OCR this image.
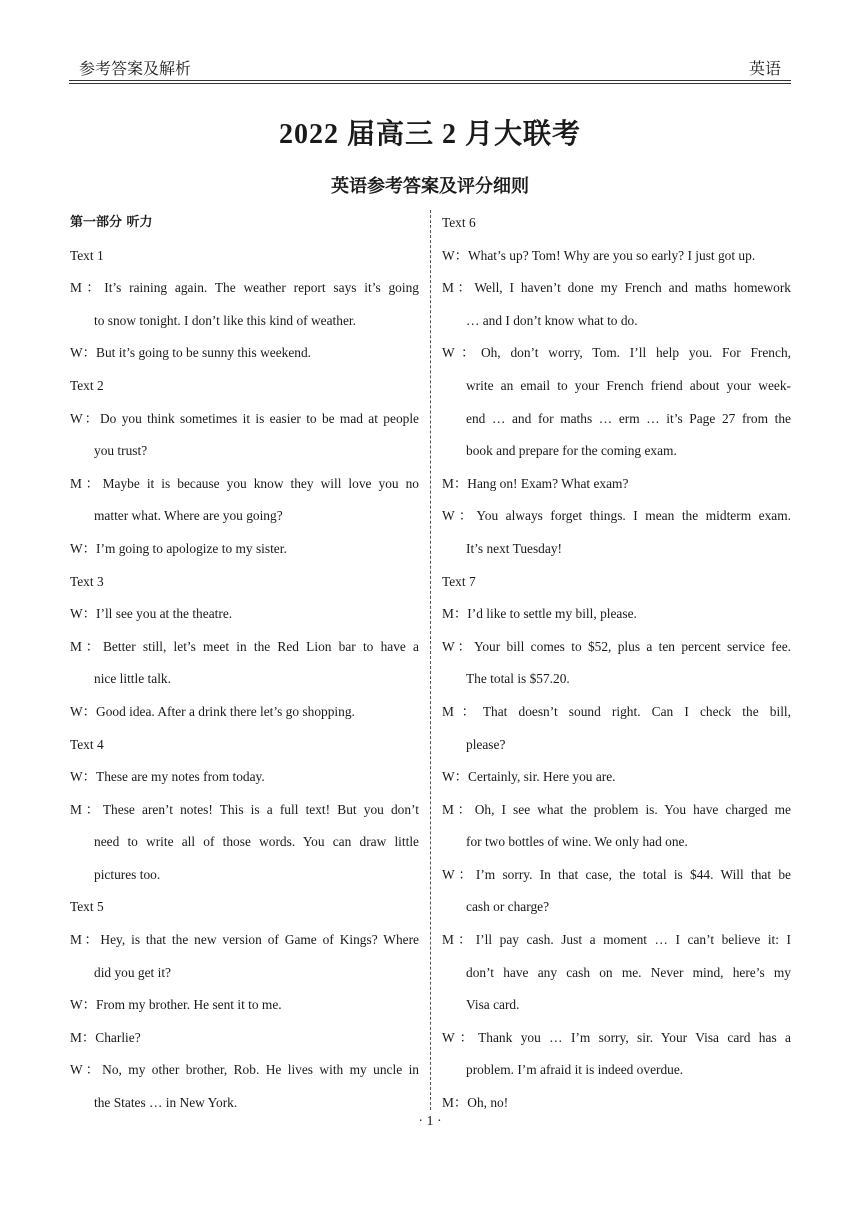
参考答案及解析	英语
2022 届高三 2 月大联考
英语参考答案及评分细则
第一部分 听力
Text 1
M：It’s raining again. The weather report says it’s going
to snow tonight. I don’t like this kind of weather.
W：But it’s going to be sunny this weekend.
Text 2
W：Do you think sometimes it is easier to be mad at people
you trust?
M：Maybe it is because you know they will love you no
matter what. Where are you going?
W：I’m going to apologize to my sister.
Text 3
W：I’ll see you at the theatre.
M：Better still, let’s meet in the Red Lion bar to have a
nice little talk.
W：Good idea. After a drink there let’s go shopping.
Text 4
W：These are my notes from today.
M：These aren’t notes! This is a full text! But you don’t
need to write all of those words. You can draw little
pictures too.
Text 5
M：Hey, is that the new version of Game of Kings? Where
did you get it?
W：From my brother. He sent it to me.
M：Charlie?
W：No, my other brother, Rob. He lives with my uncle in
the States … in New York.
Text 6
W：What’s up? Tom! Why are you so early? I just got up.
M：Well, I haven’t done my French and maths homework
… and I don’t know what to do.
W：Oh, don’t worry, Tom. I’ll help you. For French,
write an email to your French friend about your week-
end … and for maths … erm … it’s Page 27 from the
book and prepare for the coming exam.
M：Hang on! Exam? What exam?
W：You always forget things. I mean the midterm exam.
It’s next Tuesday!
Text 7
M：I’d like to settle my bill, please.
W：Your bill comes to $52, plus a ten percent service fee.
The total is $57.20.
M：That doesn’t sound right. Can I check the bill,
please?
W：Certainly, sir. Here you are.
M：Oh, I see what the problem is. You have charged me
for two bottles of wine. We only had one.
W：I’m sorry. In that case, the total is $44. Will that be
cash or charge?
M：I’ll pay cash. Just a moment … I can’t believe it: I
don’t have any cash on me. Never mind, here’s my
Visa card.
W：Thank you … I’m sorry, sir. Your Visa card has a
problem. I’m afraid it is indeed overdue.
M：Oh, no!
· 1 ·
